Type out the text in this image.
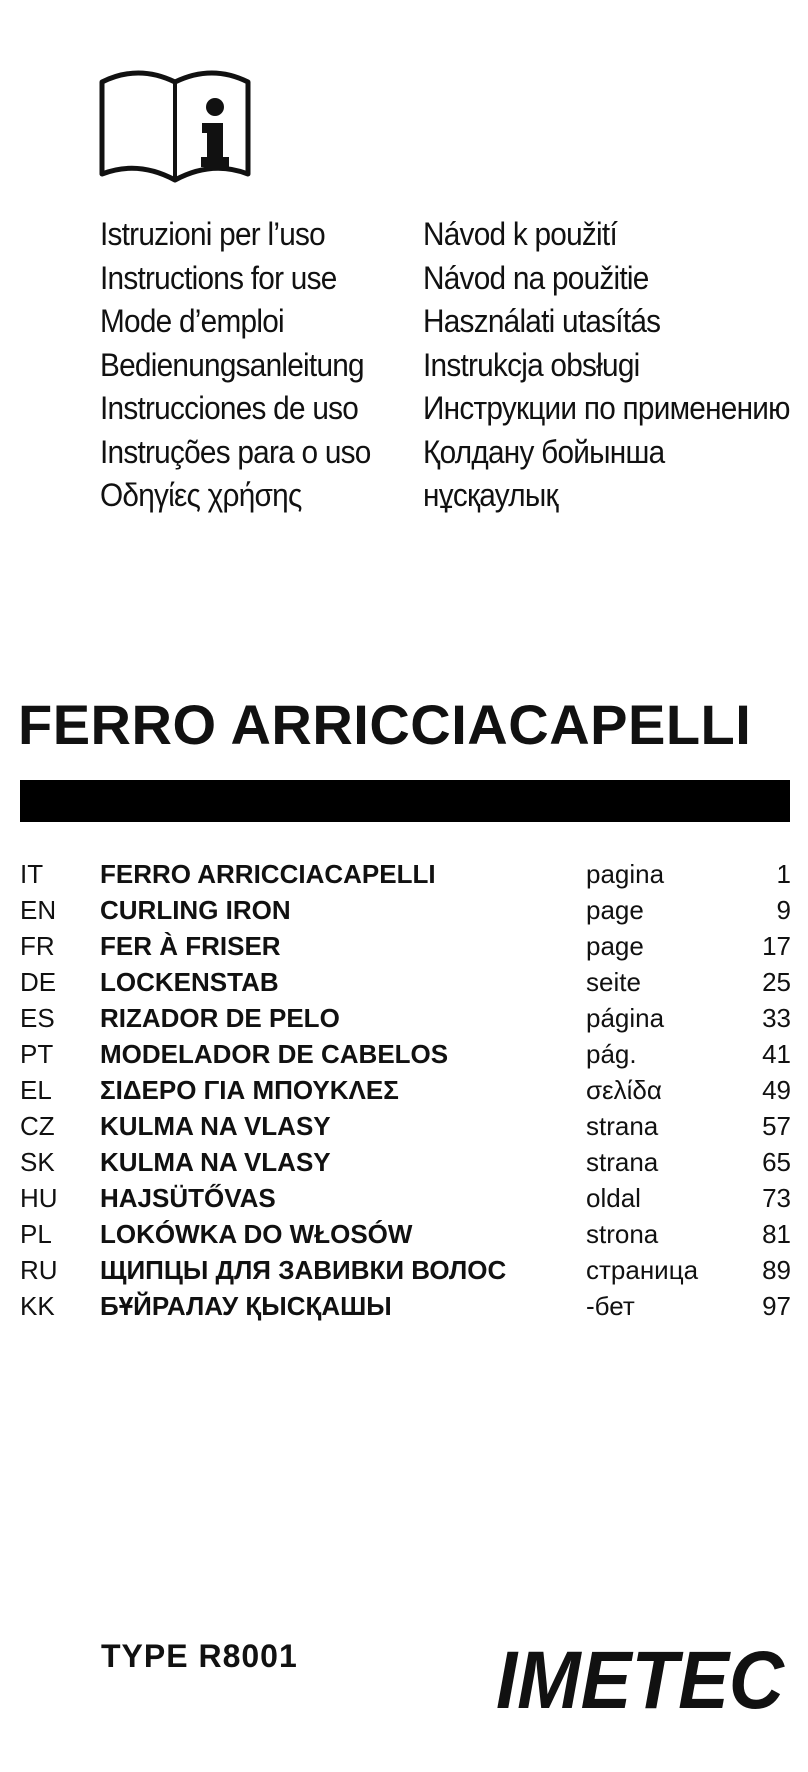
Istruzioni per l’uso
Instructions for use
Mode d’emploi
Bedienungsanleitung
Instrucciones de uso
Instruções para o uso
Οδηγίες χρήσης
Návod k použití
Návod na použitie
Használati utasítás
Instrukcja obsługi
Инструкции по применению
Қолдану бойынша
нұсқаулық
FERRO ARRICCIACAPELLI
IT FERRO ARRICCIACAPELLI	pagina	1
EN CURLING IRON	page	9
FR FER À FRISER	page	17
DE LOCKENSTAB	seite	25
ES RIZADOR DE PELO	página	33
PT MODELADOR DE CABELOS	pág.	41
EL ΣΙΔΕΡΟ ΓΙΑ ΜΠΟΥΚΛΕΣ	σελίδα	49
CZ KULMA NA VLASY	strana	57
SK KULMA NA VLASY	strana	65
HU HAJSÜTŐVAS	oldal	73
PL LOKÓWKA DO WŁOSÓW	strona	81
RU ЩИПЦЫ ДЛЯ ЗАВИВКИ ВОЛОС	страница 89
KK БҰЙРАЛАУ ҚЫСҚАШЫ	-бет	97
TYPE R8001 IMETEC
